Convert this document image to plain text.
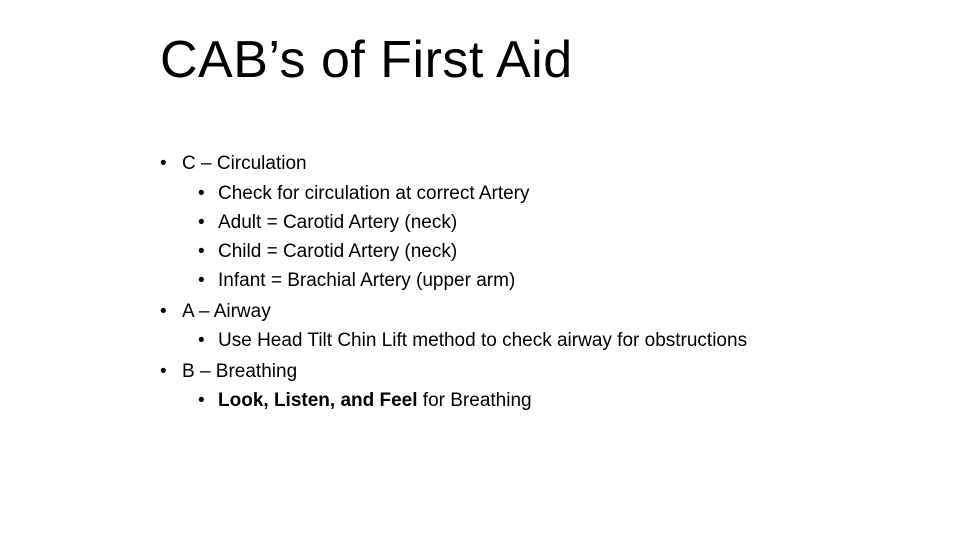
CAB’s of First Aid
• C – Circulation
• Check for circulation at correct Artery
• Adult = Carotid Artery (neck)
• Child = Carotid Artery (neck)
• Infant = Brachial Artery (upper arm)
• A – Airway
• Use Head Tilt Chin Lift method to check airway for obstructions
• B – Breathing
• Look, Listen, and Feel for Breathing
